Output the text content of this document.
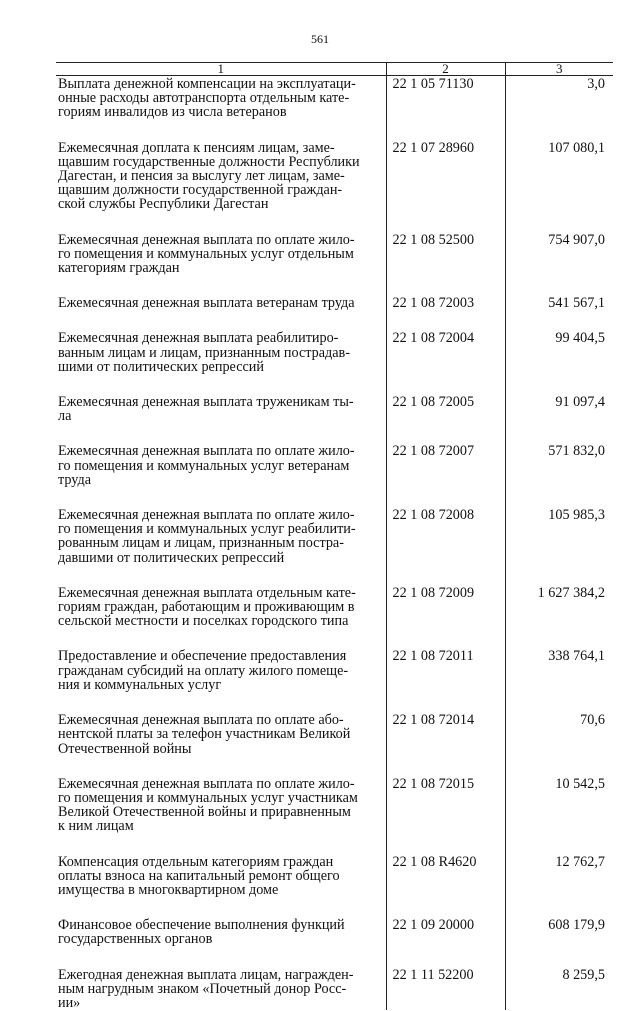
561
1	2	3
Выплата денежной компенсации на эксплуатаци-
онные расходы автотранспорта отдельным кате-
гориям инвалидов из числа ветеранов	22 1 05 71130	3,0
Ежемесячная доплата к пенсиям лицам, заме-
щавшим государственные должности Республики
Дагестан, и пенсия за выслугу лет лицам, заме-
щавшим должности государственной граждан-
ской службы Республики Дагестан	22 1 07 28960	107 080,1
Ежемесячная денежная выплата по оплате жило-
го помещения и коммунальных услуг отдельным
категориям граждан	22 1 08 52500	754 907,0
Ежемесячная денежная выплата ветеранам труда	22 1 08 72003	541 567,1
Ежемесячная денежная выплата реабилитиро-
ванным лицам и лицам, признанным пострадав-
шими от политических репрессий	22 1 08 72004	99 404,5
Ежемесячная денежная выплата труженикам ты-
ла	22 1 08 72005	91 097,4
Ежемесячная денежная выплата по оплате жило-
го помещения и коммунальных услуг ветеранам
труда	22 1 08 72007	571 832,0
Ежемесячная денежная выплата по оплате жило-
го помещения и коммунальных услуг реабилити-
рованным лицам и лицам, признанным постра-
давшими от политических репрессий	22 1 08 72008	105 985,3
Ежемесячная денежная выплата отдельным кате-
гориям граждан, работающим и проживающим в
сельской местности и поселках городского типа	22 1 08 72009	1 627 384,2
Предоставление и обеспечение предоставления
гражданам субсидий на оплату жилого помеще-
ния и коммунальных услуг	22 1 08 72011	338 764,1
Ежемесячная денежная выплата по оплате або-
нентской платы за телефон участникам Великой
Отечественной войны	22 1 08 72014	70,6
Ежемесячная денежная выплата по оплате жило-
го помещения и коммунальных услуг участникам
Великой Отечественной войны и приравненным
к ним лицам	22 1 08 72015	10 542,5
Компенсация отдельным категориям граждан
оплаты взноса на капитальный ремонт общего
имущества в многоквартирном доме	22 1 08 R4620	12 762,7
Финансовое обеспечение выполнения функций
государственных органов	22 1 09 20000	608 179,9
Ежегодная денежная выплата лицам, награжден-
ным нагрудным знаком «Почетный донор Росс-
ии»	22 1 11 52200	8 259,5
